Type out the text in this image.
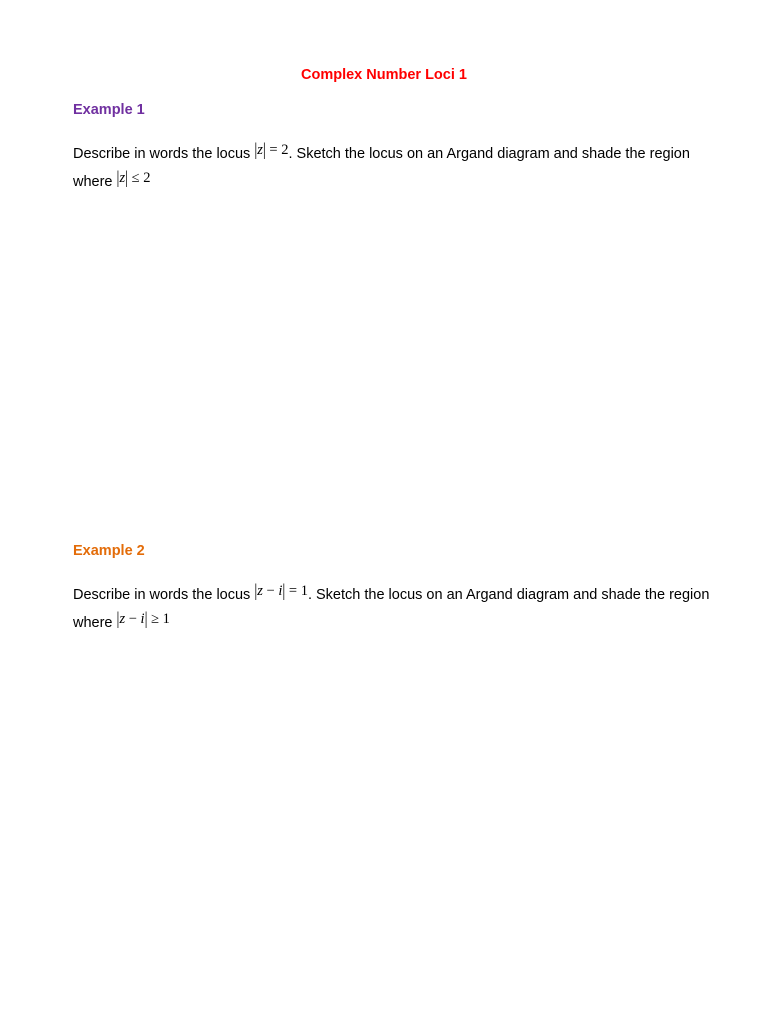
Complex Number Loci 1
Example 1
Describe in words the locus |z| = 2. Sketch the locus on an Argand diagram and shade the region where |z| ≤ 2
Example 2
Describe in words the locus |z − i| = 1. Sketch the locus on an Argand diagram and shade the region where |z − i| ≥ 1
